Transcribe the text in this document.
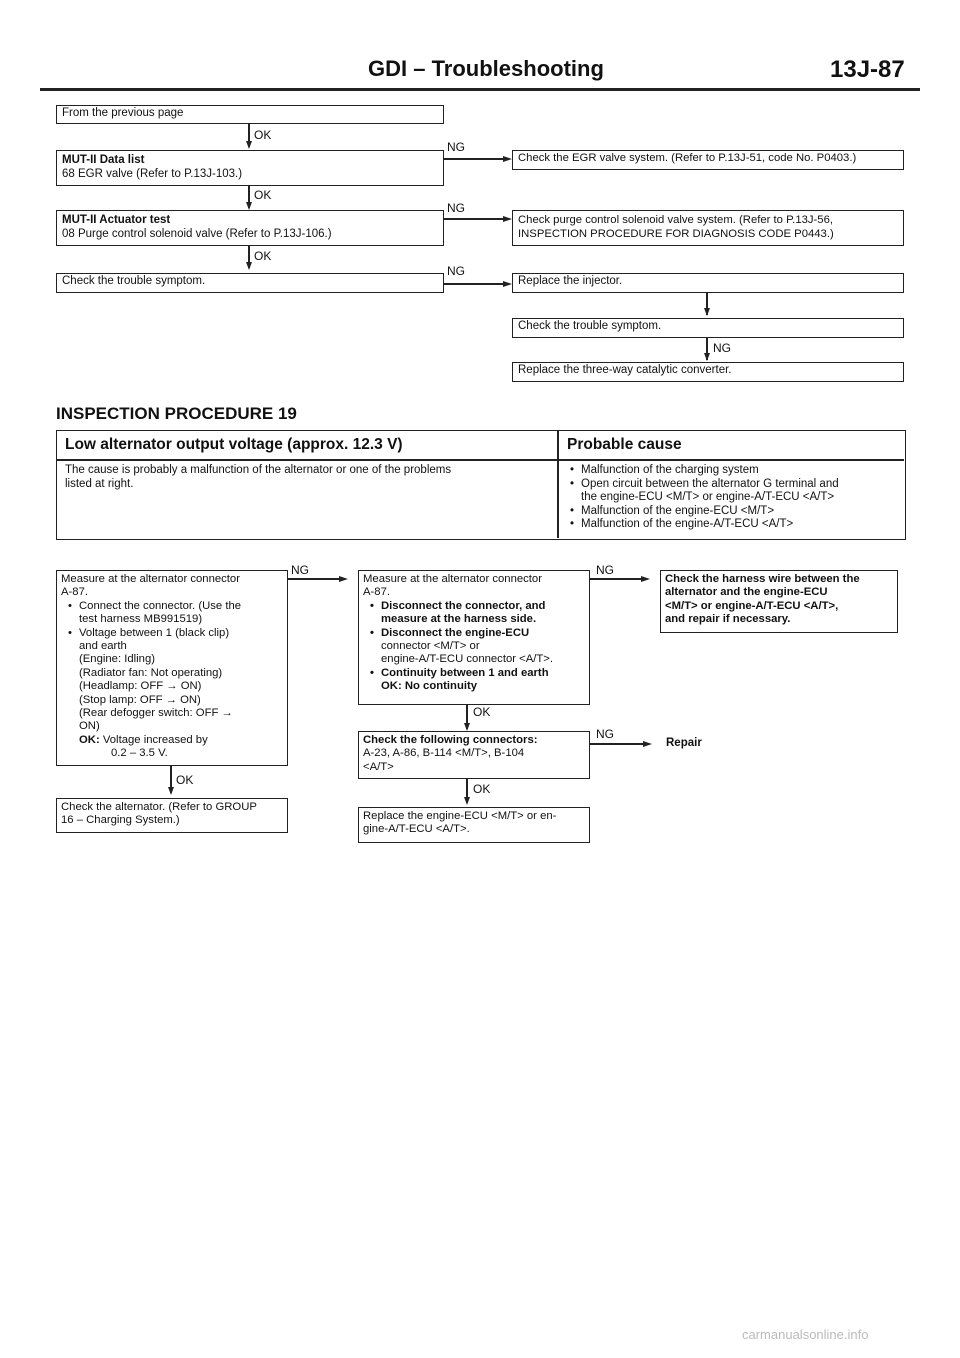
GDI – Troubleshooting	13J-87
From the previous page
OK
MUT-II Data list
68 EGR valve (Refer to P.13J-103.)
NG
Check the EGR valve system. (Refer to P.13J-51, code No. P0403.)
OK
MUT-II Actuator test
08 Purge control solenoid valve (Refer to P.13J-106.)
NG
Check purge control solenoid valve system. (Refer to P.13J-56,
INSPECTION PROCEDURE FOR DIAGNOSIS CODE P0443.)
OK
Check the trouble symptom.
NG
Replace the injector.
Check the trouble symptom.
NG
Replace the three-way catalytic converter.
INSPECTION PROCEDURE 19
Low alternator output voltage (approx. 12.3 V)	Probable cause
The cause is probably a malfunction of the alternator or one of the problems
listed at right.
• Malfunction of the charging system
• Open circuit between the alternator G terminal and
the engine-ECU <M/T> or engine-A/T-ECU <A/T>
• Malfunction of the engine-ECU <M/T>
• Malfunction of the engine-A/T-ECU <A/T>
Measure at the alternator connector
A-87.
• Connect the connector. (Use the
test harness MB991519)
• Voltage between 1 (black clip)
and earth
(Engine: Idling)
(Radiator fan: Not operating)
(Headlamp: OFF → ON)
(Stop lamp: OFF → ON)
(Rear defogger switch: OFF →
ON)
OK: Voltage increased by
0.2 – 3.5 V.
NG
Measure at the alternator connector
A-87.
• Disconnect the connector, and
measure at the harness side.
• Disconnect the engine-ECU
connector <M/T> or
engine-A/T-ECU connector <A/T>.
• Continuity between 1 and earth
OK: No continuity
NG
Check the harness wire between the
alternator and the engine-ECU
<M/T> or engine-A/T-ECU <A/T>,
and repair if necessary.
OK
Check the alternator. (Refer to GROUP
16 – Charging System.)
OK
Check the following connectors:
A-23, A-86, B-114 <M/T>, B-104
<A/T>
NG
Repair
OK
Replace the engine-ECU <M/T> or en-
gine-A/T-ECU <A/T>.
carmanualsonline.info
